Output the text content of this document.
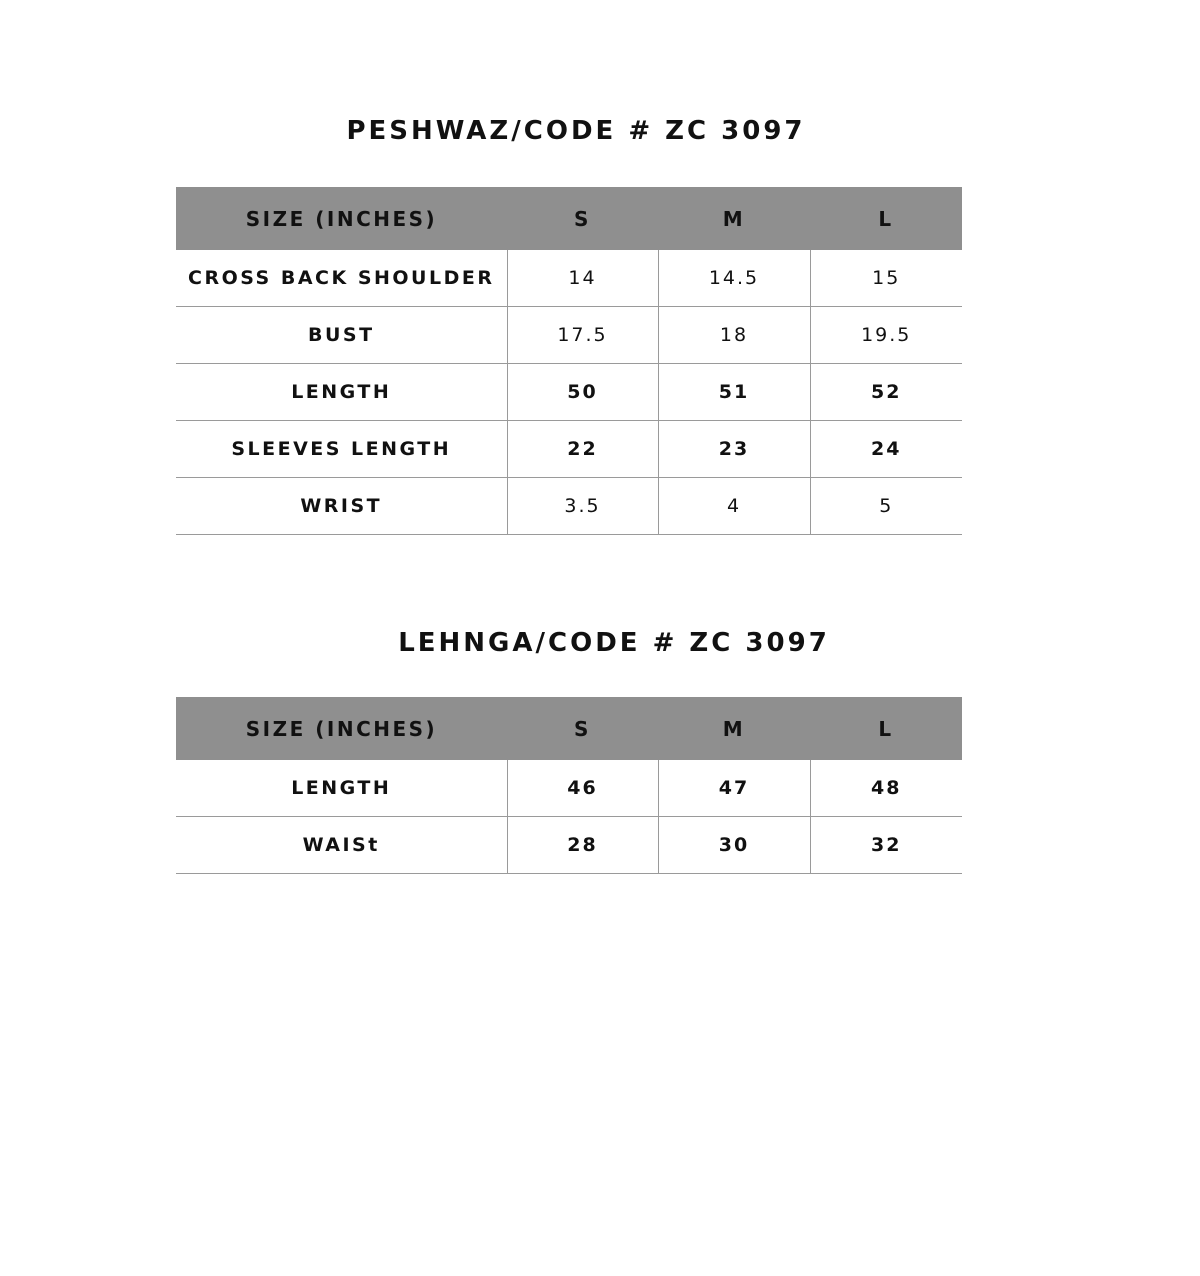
PESHWAZ/CODE # ZC 3097
SIZE (INCHES)	S	M	L
CROSS BACK SHOULDER	14	14.5	15
BUST	17.5	18	19.5
LENGTH	50	51	52
SLEEVES LENGTH	22	23	24
WRIST	3.5	4	5
LEHNGA/CODE # ZC 3097
SIZE (INCHES)	S	M	L
LENGTH	46	47	48
WAISt	28	30	32
